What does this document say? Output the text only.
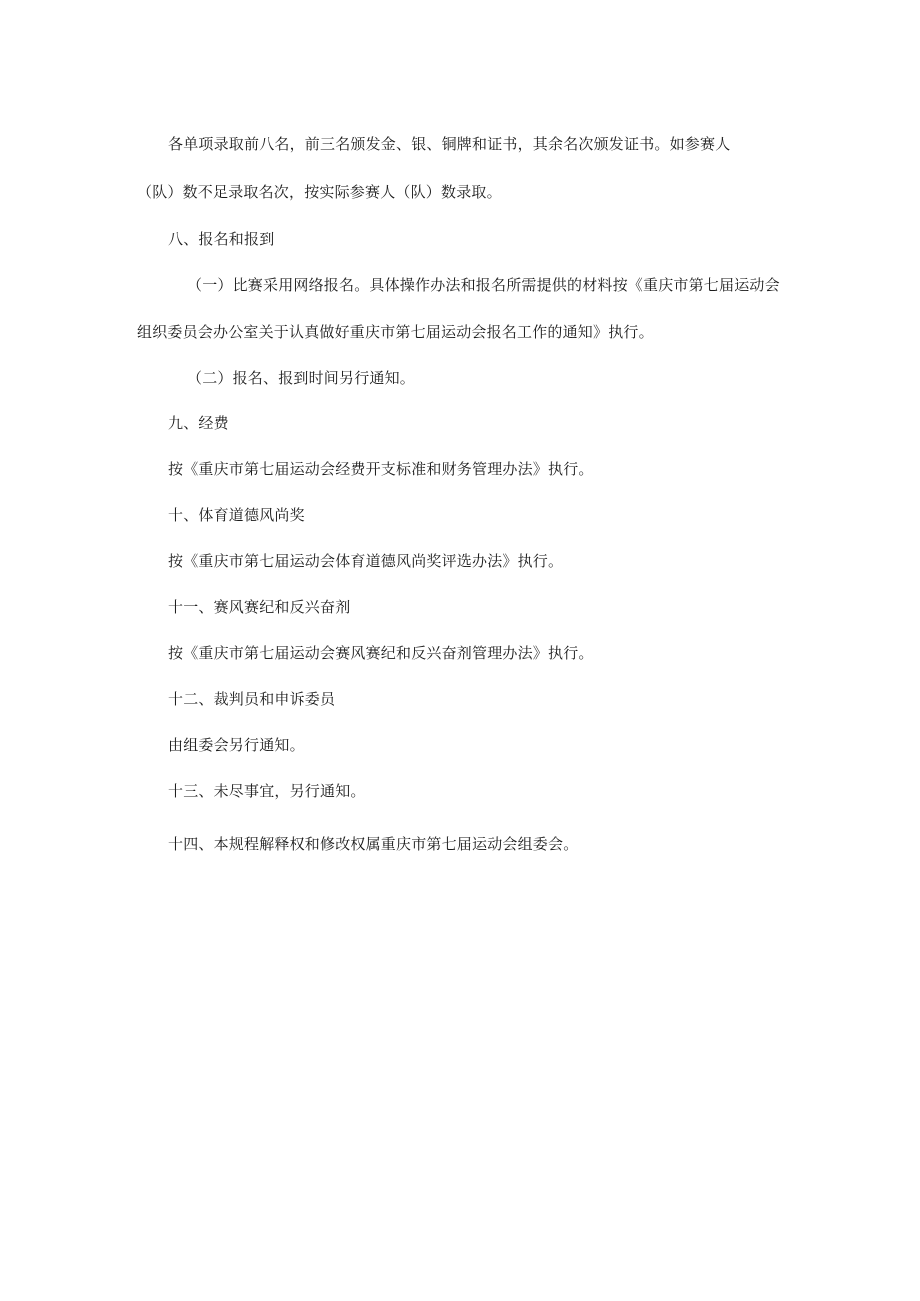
各单项录取前八名，前三名颁发金、银、铜牌和证书，其余名次颁发证书。如参赛人
（队）数不足录取名次，按实际参赛人（队）数录取。
八、报名和报到
（一）比赛采用网络报名。具体操作办法和报名所需提供的材料按《重庆市第七届运动会
组织委员会办公室关于认真做好重庆市第七届运动会报名工作的通知》执行。
（二）报名、报到时间另行通知。
九、经费
按《重庆市第七届运动会经费开支标准和财务管理办法》执行。
十、体育道德风尚奖
按《重庆市第七届运动会体育道德风尚奖评选办法》执行。
十一、赛风赛纪和反兴奋剂
按《重庆市第七届运动会赛风赛纪和反兴奋剂管理办法》执行。
十二、裁判员和申诉委员
由组委会另行通知。
十三、未尽事宜，另行通知。
十四、本规程解释权和修改权属重庆市第七届运动会组委会。
